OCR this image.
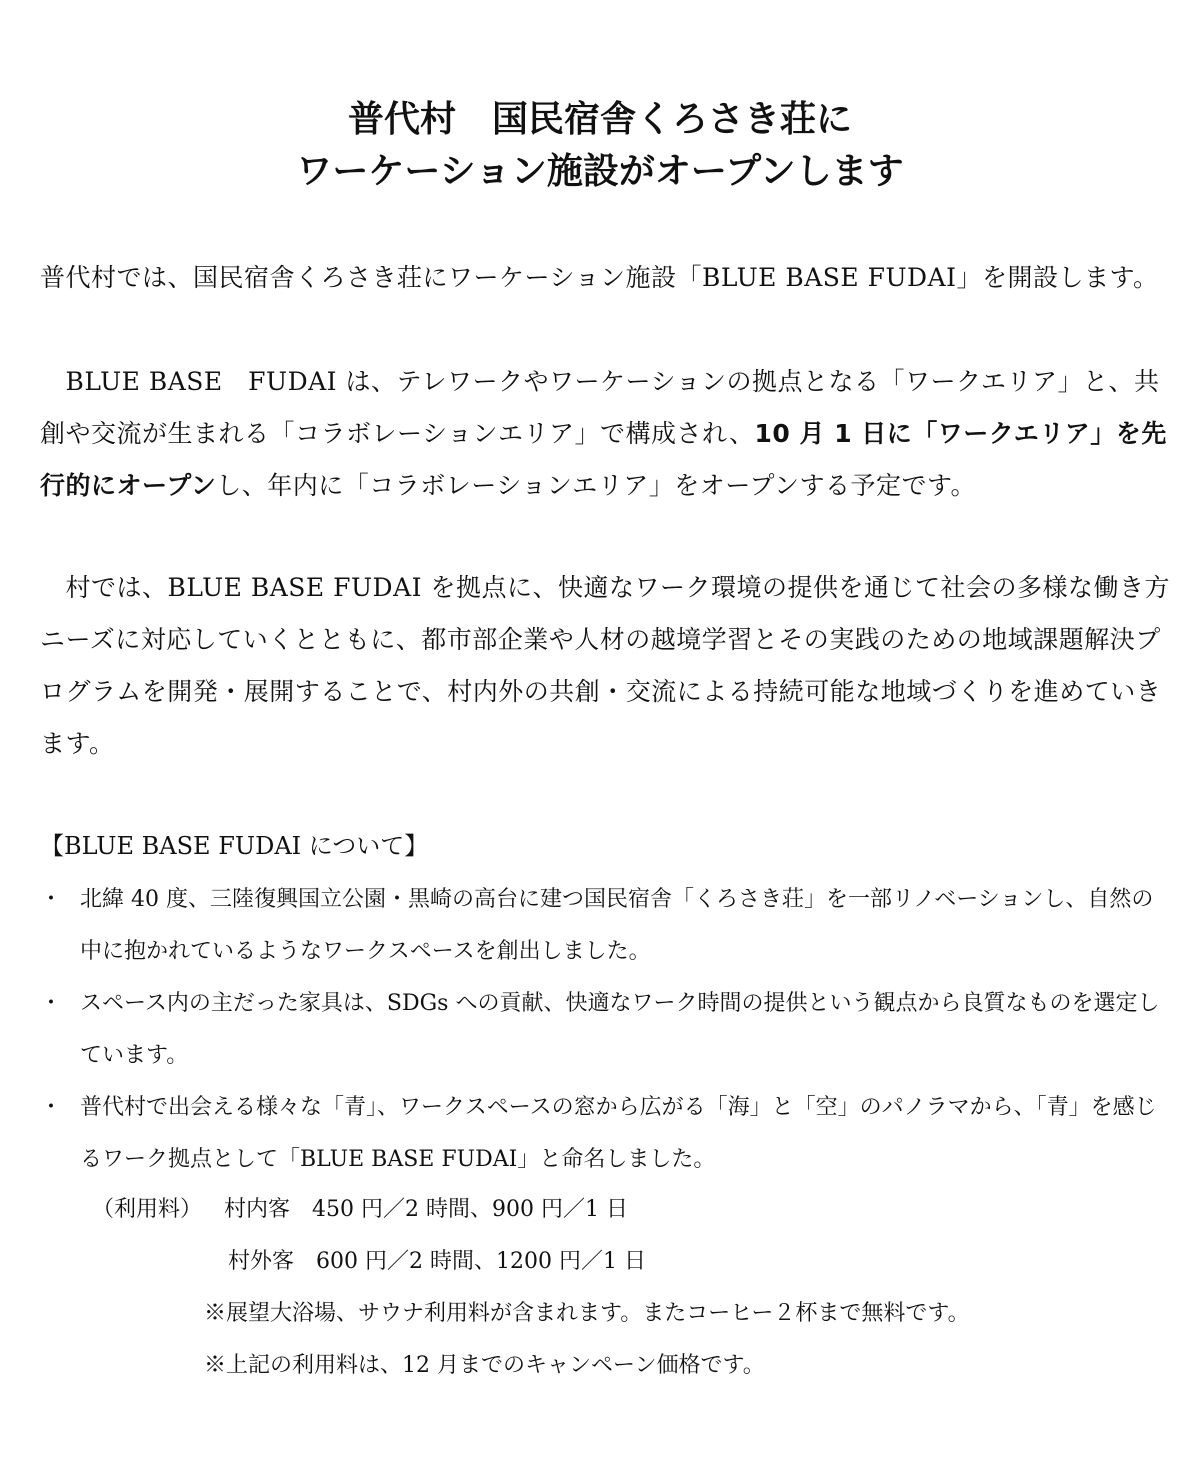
普代村　国民宿舎くろさき荘に
ワーケーション施設がオープンします

普代村では、国民宿舎くろさき荘にワーケーション施設「BLUE BASE FUDAI」を開設します。

　BLUE BASE　FUDAI は、テレワークやワーケーションの拠点となる「ワークエリア」と、共創や交流が生まれる「コラボレーションエリア」で構成され、10 月 1 日に「ワークエリア」を先行的にオープンし、年内に「コラボレーションエリア」をオープンする予定です。

　村では、BLUE BASE FUDAI を拠点に、快適なワーク環境の提供を通じて社会の多様な働き方ニーズに対応していくとともに、都市部企業や人材の越境学習とその実践のための地域課題解決プログラムを開発・展開することで、村内外の共創・交流による持続可能な地域づくりを進めていきます。

【BLUE BASE FUDAI について】

・ 北緯 40 度、三陸復興国立公園・黒崎の高台に建つ国民宿舎「くろさき荘」を一部リノベーションし、自然の中に抱かれているようなワークスペースを創出しました。
・ スペース内の主だった家具は、SDGs への貢献、快適なワーク時間の提供という観点から良質なものを選定しています。
・ 普代村で出会える様々な「青」、ワークスペースの窓から広がる「海」と「空」のパノラマから、「青」を感じるワーク拠点として「BLUE BASE FUDAI」と命名しました。
（利用料） 村内客　450 円／2 時間、900 円／1 日
村外客　600 円／2 時間、1200 円／1 日
※展望大浴場、サウナ利用料が含まれます。またコーヒー２杯まで無料です。
※上記の利用料は、12 月までのキャンペーン価格です。
